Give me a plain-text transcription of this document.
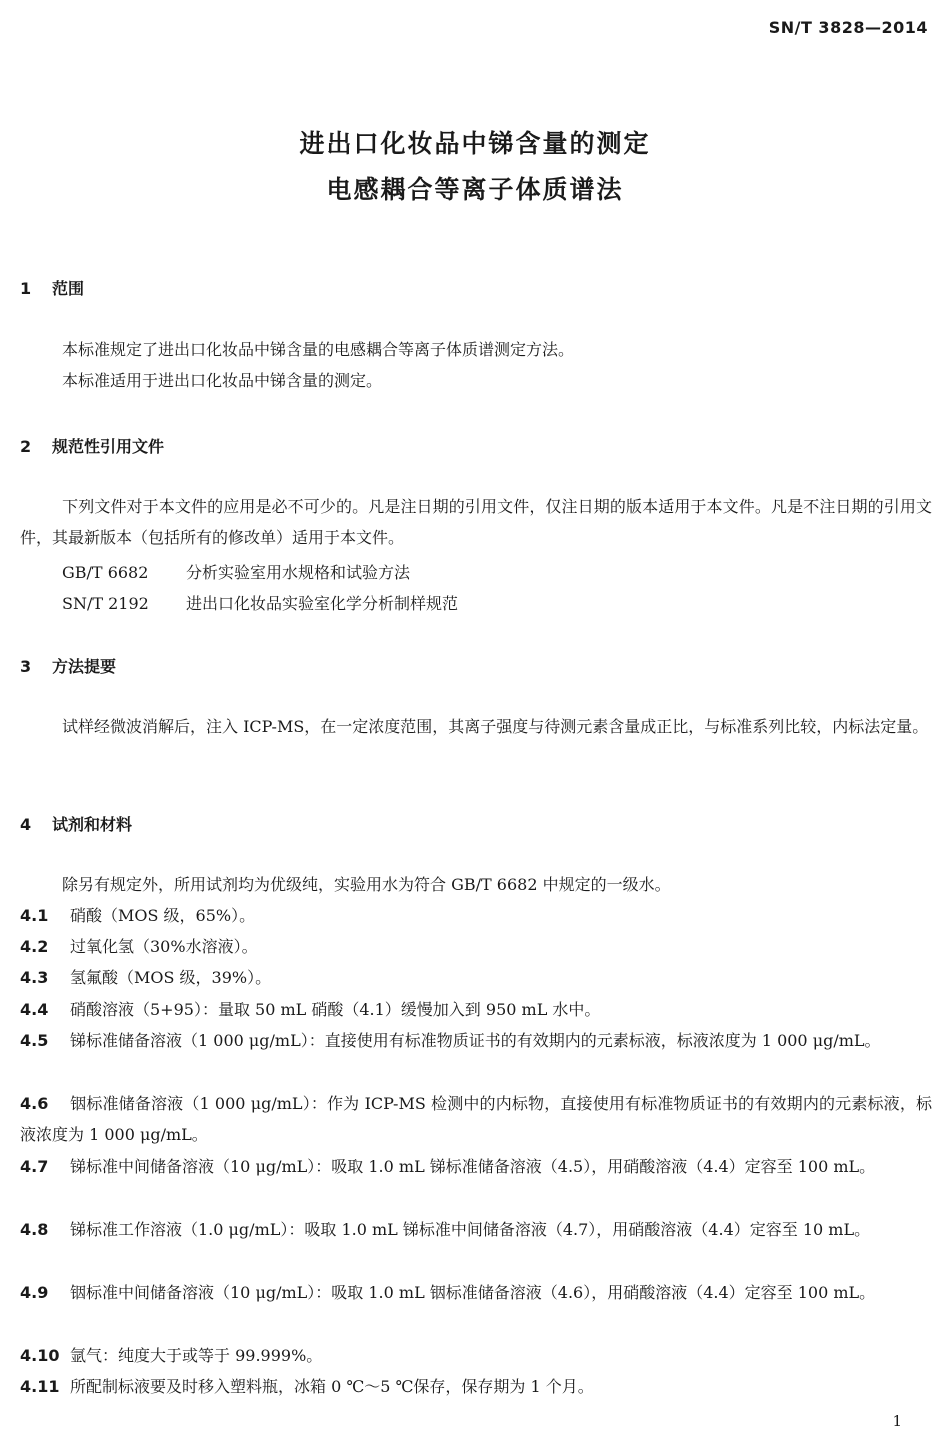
SN/T 3828—2014
进出口化妆品中锑含量的测定
电感耦合等离子体质谱法
1 范围
本标准规定了进出口化妆品中锑含量的电感耦合等离子体质谱测定方法。
本标准适用于进出口化妆品中锑含量的测定。
2 规范性引用文件
下列文件对于本文件的应用是必不可少的。凡是注日期的引用文件，仅注日期的版本适用于本文件。凡是不注日期的引用文件，其最新版本（包括所有的修改单）适用于本文件。
GB/T 6682 分析实验室用水规格和试验方法
SN/T 2192 进出口化妆品实验室化学分析制样规范
3 方法提要
试样经微波消解后，注入 ICP-MS，在一定浓度范围，其离子强度与待测元素含量成正比，与标准系列比较，内标法定量。
4 试剂和材料
除另有规定外，所用试剂均为优级纯，实验用水为符合 GB/T 6682 中规定的一级水。
4.1 硝酸（MOS 级，65%）。
4.2 过氧化氢（30%水溶液）。
4.3 氢氟酸（MOS 级，39%）。
4.4 硝酸溶液（5+95）：量取 50 mL 硝酸（4.1）缓慢加入到 950 mL 水中。
4.5 锑标准储备溶液（1 000 μg/mL）：直接使用有标准物质证书的有效期内的元素标液，标液浓度为 1 000 μg/mL。
4.6 铟标准储备溶液（1 000 μg/mL）：作为 ICP-MS 检测中的内标物，直接使用有标准物质证书的有效期内的元素标液，标液浓度为 1 000 μg/mL。
4.7 锑标准中间储备溶液（10 μg/mL）：吸取 1.0 mL 锑标准储备溶液（4.5），用硝酸溶液（4.4）定容至 100 mL。
4.8 锑标准工作溶液（1.0 μg/mL）：吸取 1.0 mL 锑标准中间储备溶液（4.7），用硝酸溶液（4.4）定容至 10 mL。
4.9 铟标准中间储备溶液（10 μg/mL）：吸取 1.0 mL 铟标准储备溶液（4.6），用硝酸溶液（4.4）定容至 100 mL。
4.10 氩气：纯度大于或等于 99.999%。
4.11 所配制标液要及时移入塑料瓶，冰箱 0 ℃～5 ℃保存，保存期为 1 个月。
1
